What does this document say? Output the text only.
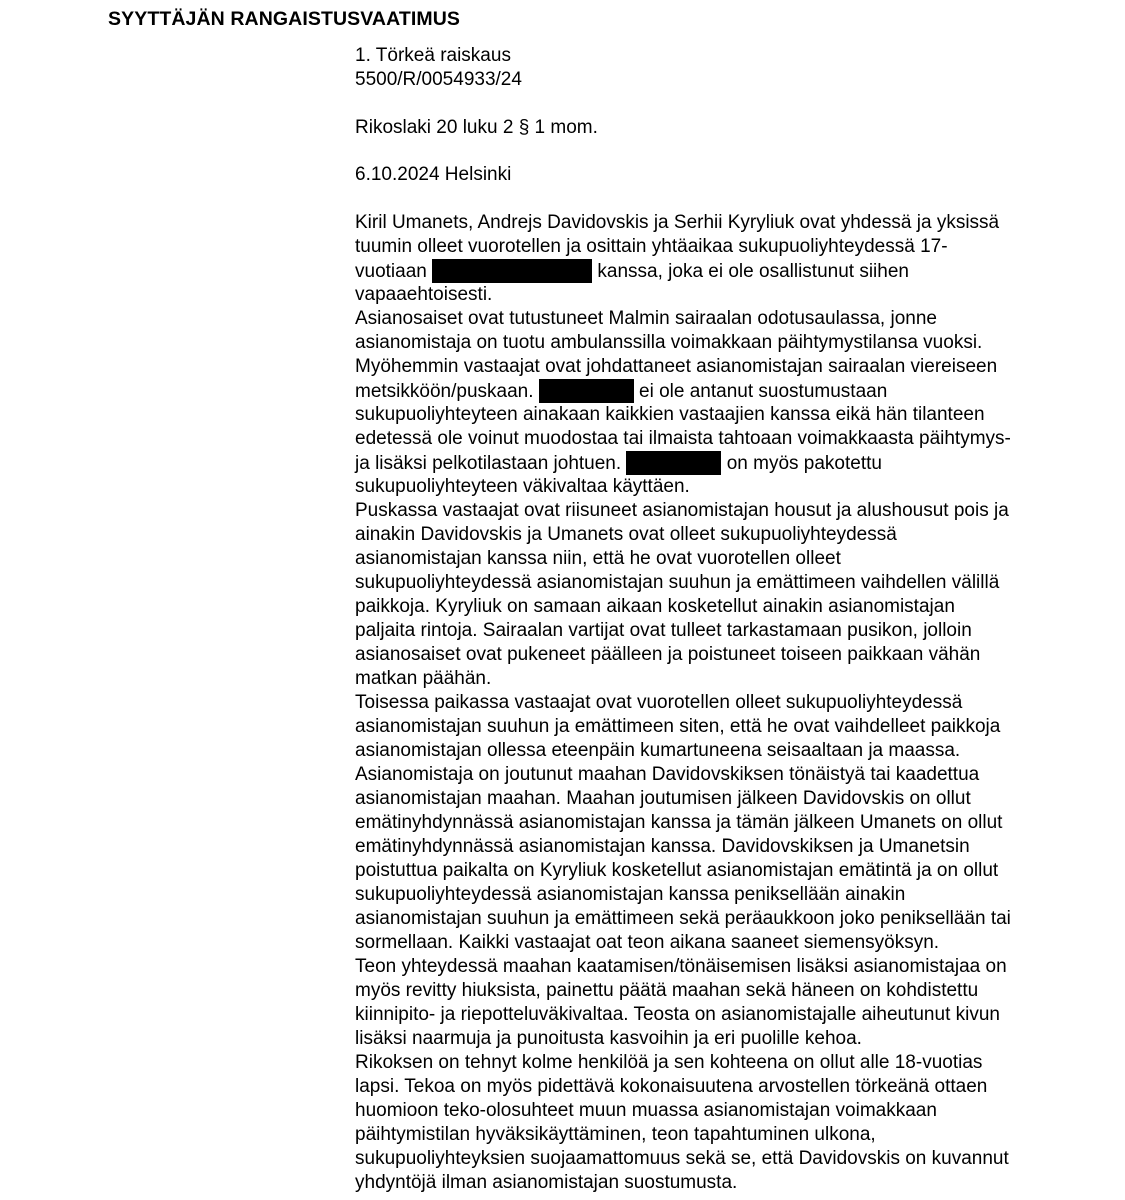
SYYTTÄJÄN RANGAISTUSVAATIMUS
1. Törkeä raiskaus
5500/R/0054933/24
Rikoslaki 20 luku 2 § 1 mom.
6.10.2024 Helsinki
Kiril Umanets, Andrejs Davidovskis ja Serhii Kyryliuk ovat yhdessä ja yksissä
tuumin olleet vuorotellen ja osittain yhtäaikaa sukupuoliyhteydessä 17-
vuotiaan	kanssa, joka ei ole osallistunut siihen
vapaaehtoisesti.
Asianosaiset ovat tutustuneet Malmin sairaalan odotusaulassa, jonne
asianomistaja on tuotu ambulanssilla voimakkaan päihtymystilansa vuoksi.
Myöhemmin vastaajat ovat johdattaneet asianomistajan sairaalan viereiseen
metsikköön/puskaan.	ei ole antanut suostumustaan
sukupuoliyhteyteen ainakaan kaikkien vastaajien kanssa eikä hän tilanteen
edetessä ole voinut muodostaa tai ilmaista tahtoaan voimakkaasta päihtymys-
ja lisäksi pelkotilastaan johtuen.	on myös pakotettu
sukupuoliyhteyteen väkivaltaa käyttäen.
Puskassa vastaajat ovat riisuneet asianomistajan housut ja alushousut pois ja
ainakin Davidovskis ja Umanets ovat olleet sukupuoliyhteydessä
asianomistajan kanssa niin, että he ovat vuorotellen olleet
sukupuoliyhteydessä asianomistajan suuhun ja emättimeen vaihdellen välillä
paikkoja. Kyryliuk on samaan aikaan kosketellut ainakin asianomistajan
paljaita rintoja. Sairaalan vartijat ovat tulleet tarkastamaan pusikon, jolloin
asianosaiset ovat pukeneet päälleen ja poistuneet toiseen paikkaan vähän
matkan päähän.
Toisessa paikassa vastaajat ovat vuorotellen olleet sukupuoliyhteydessä
asianomistajan suuhun ja emättimeen siten, että he ovat vaihdelleet paikkoja
asianomistajan ollessa eteenpäin kumartuneena seisaaltaan ja maassa.
Asianomistaja on joutunut maahan Davidovskiksen tönäistyä tai kaadettua
asianomistajan maahan. Maahan joutumisen jälkeen Davidovskis on ollut
emätinyhdynnässä asianomistajan kanssa ja tämän jälkeen Umanets on ollut
emätinyhdynnässä asianomistajan kanssa. Davidovskiksen ja Umanetsin
poistuttua paikalta on Kyryliuk kosketellut asianomistajan emätintä ja on ollut
sukupuoliyhteydessä asianomistajan kanssa peniksellään ainakin
asianomistajan suuhun ja emättimeen sekä peräaukkoon joko peniksellään tai
sormellaan. Kaikki vastaajat oat teon aikana saaneet siemensyöksyn.
Teon yhteydessä maahan kaatamisen/tönäisemisen lisäksi asianomistajaa on
myös revitty hiuksista, painettu päätä maahan sekä häneen on kohdistettu
kiinnipito- ja riepotteluväkivaltaa. Teosta on asianomistajalle aiheutunut kivun
lisäksi naarmuja ja punoitusta kasvoihin ja eri puolille kehoa.
Rikoksen on tehnyt kolme henkilöä ja sen kohteena on ollut alle 18-vuotias
lapsi. Tekoa on myös pidettävä kokonaisuutena arvostellen törkeänä ottaen
huomioon teko-olosuhteet muun muassa asianomistajan voimakkaan
päihtymistilan hyväksikäyttäminen, teon tapahtuminen ulkona,
sukupuoliyhteyksien suojaamattomuus sekä se, että Davidovskis on kuvannut
yhdyntöjä ilman asianomistajan suostumusta.
